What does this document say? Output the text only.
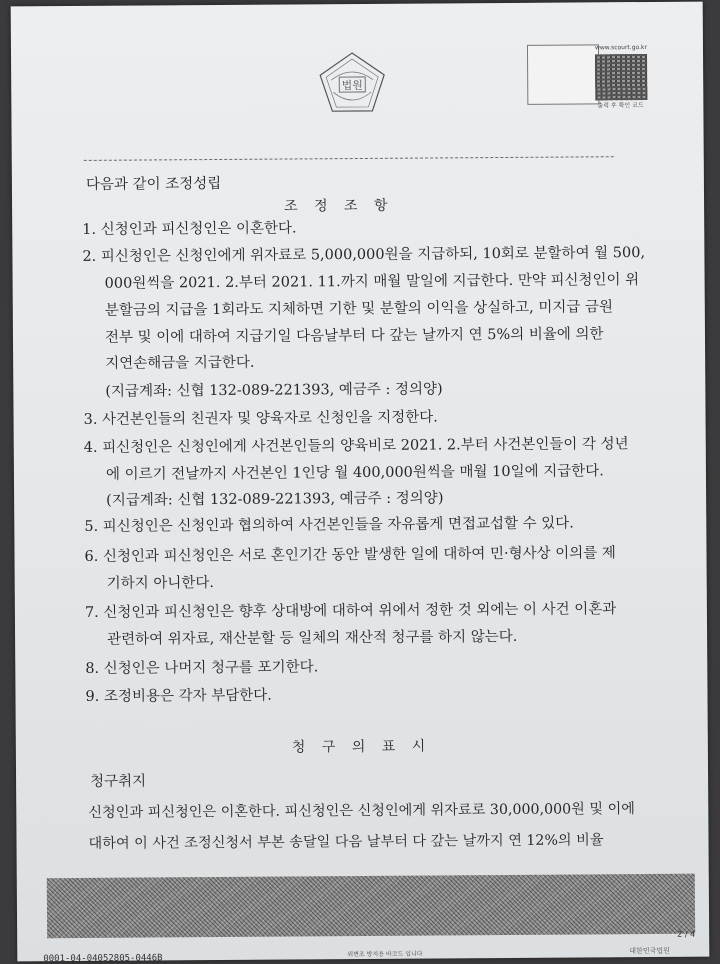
법원
www.scourt.go.kr
출력 후 확인 코드
다음과 같이 조정성립
조 정 조 항
1. 신청인과 피신청인은 이혼한다.
2. 피신청인은 신청인에게 위자료로 5,000,000원을 지급하되, 10회로 분할하여 월 500,
000원씩을 2021. 2.부터 2021. 11.까지 매월 말일에 지급한다. 만약 피신청인이 위
분할금의 지급을 1회라도 지체하면 기한 및 분할의 이익을 상실하고, 미지급 금원
전부 및 이에 대하여 지급기일 다음날부터 다 갚는 날까지 연 5%의 비율에 의한
지연손해금을 지급한다.
(지급계좌: 신협 132-089-221393, 예금주 : 정의양)
3. 사건본인들의 친권자 및 양육자로 신청인을 지정한다.
4. 피신청인은 신청인에게 사건본인들의 양육비로 2021. 2.부터 사건본인들이 각 성년
에 이르기 전날까지 사건본인 1인당 월 400,000원씩을 매월 10일에 지급한다.
(지급계좌: 신협 132-089-221393, 예금주 : 정의양)
5. 피신청인은 신청인과 협의하여 사건본인들을 자유롭게 면접교섭할 수 있다.
6. 신청인과 피신청인은 서로 혼인기간 동안 발생한 일에 대하여 민·형사상 이의를 제
기하지 아니한다.
7. 신청인과 피신청인은 향후 상대방에 대하여 위에서 정한 것 외에는 이 사건 이혼과
관련하여 위자료, 재산분할 등 일체의 재산적 청구를 하지 않는다.
8. 신청인은 나머지 청구를 포기한다.
9. 조정비용은 각자 부담한다.
청 구 의 표 시
청구취지
신청인과 피신청인은 이혼한다. 피신청인은 신청인에게 위자료로 30,000,000원 및 이에
대하여 이 사건 조정신청서 부본 송달일 다음 날부터 다 갚는 날까지 연 12%의 비율
2 / 4
0001-04-04052805-0446B	위변조 방지용 바코드 입니다	대한민국법원
